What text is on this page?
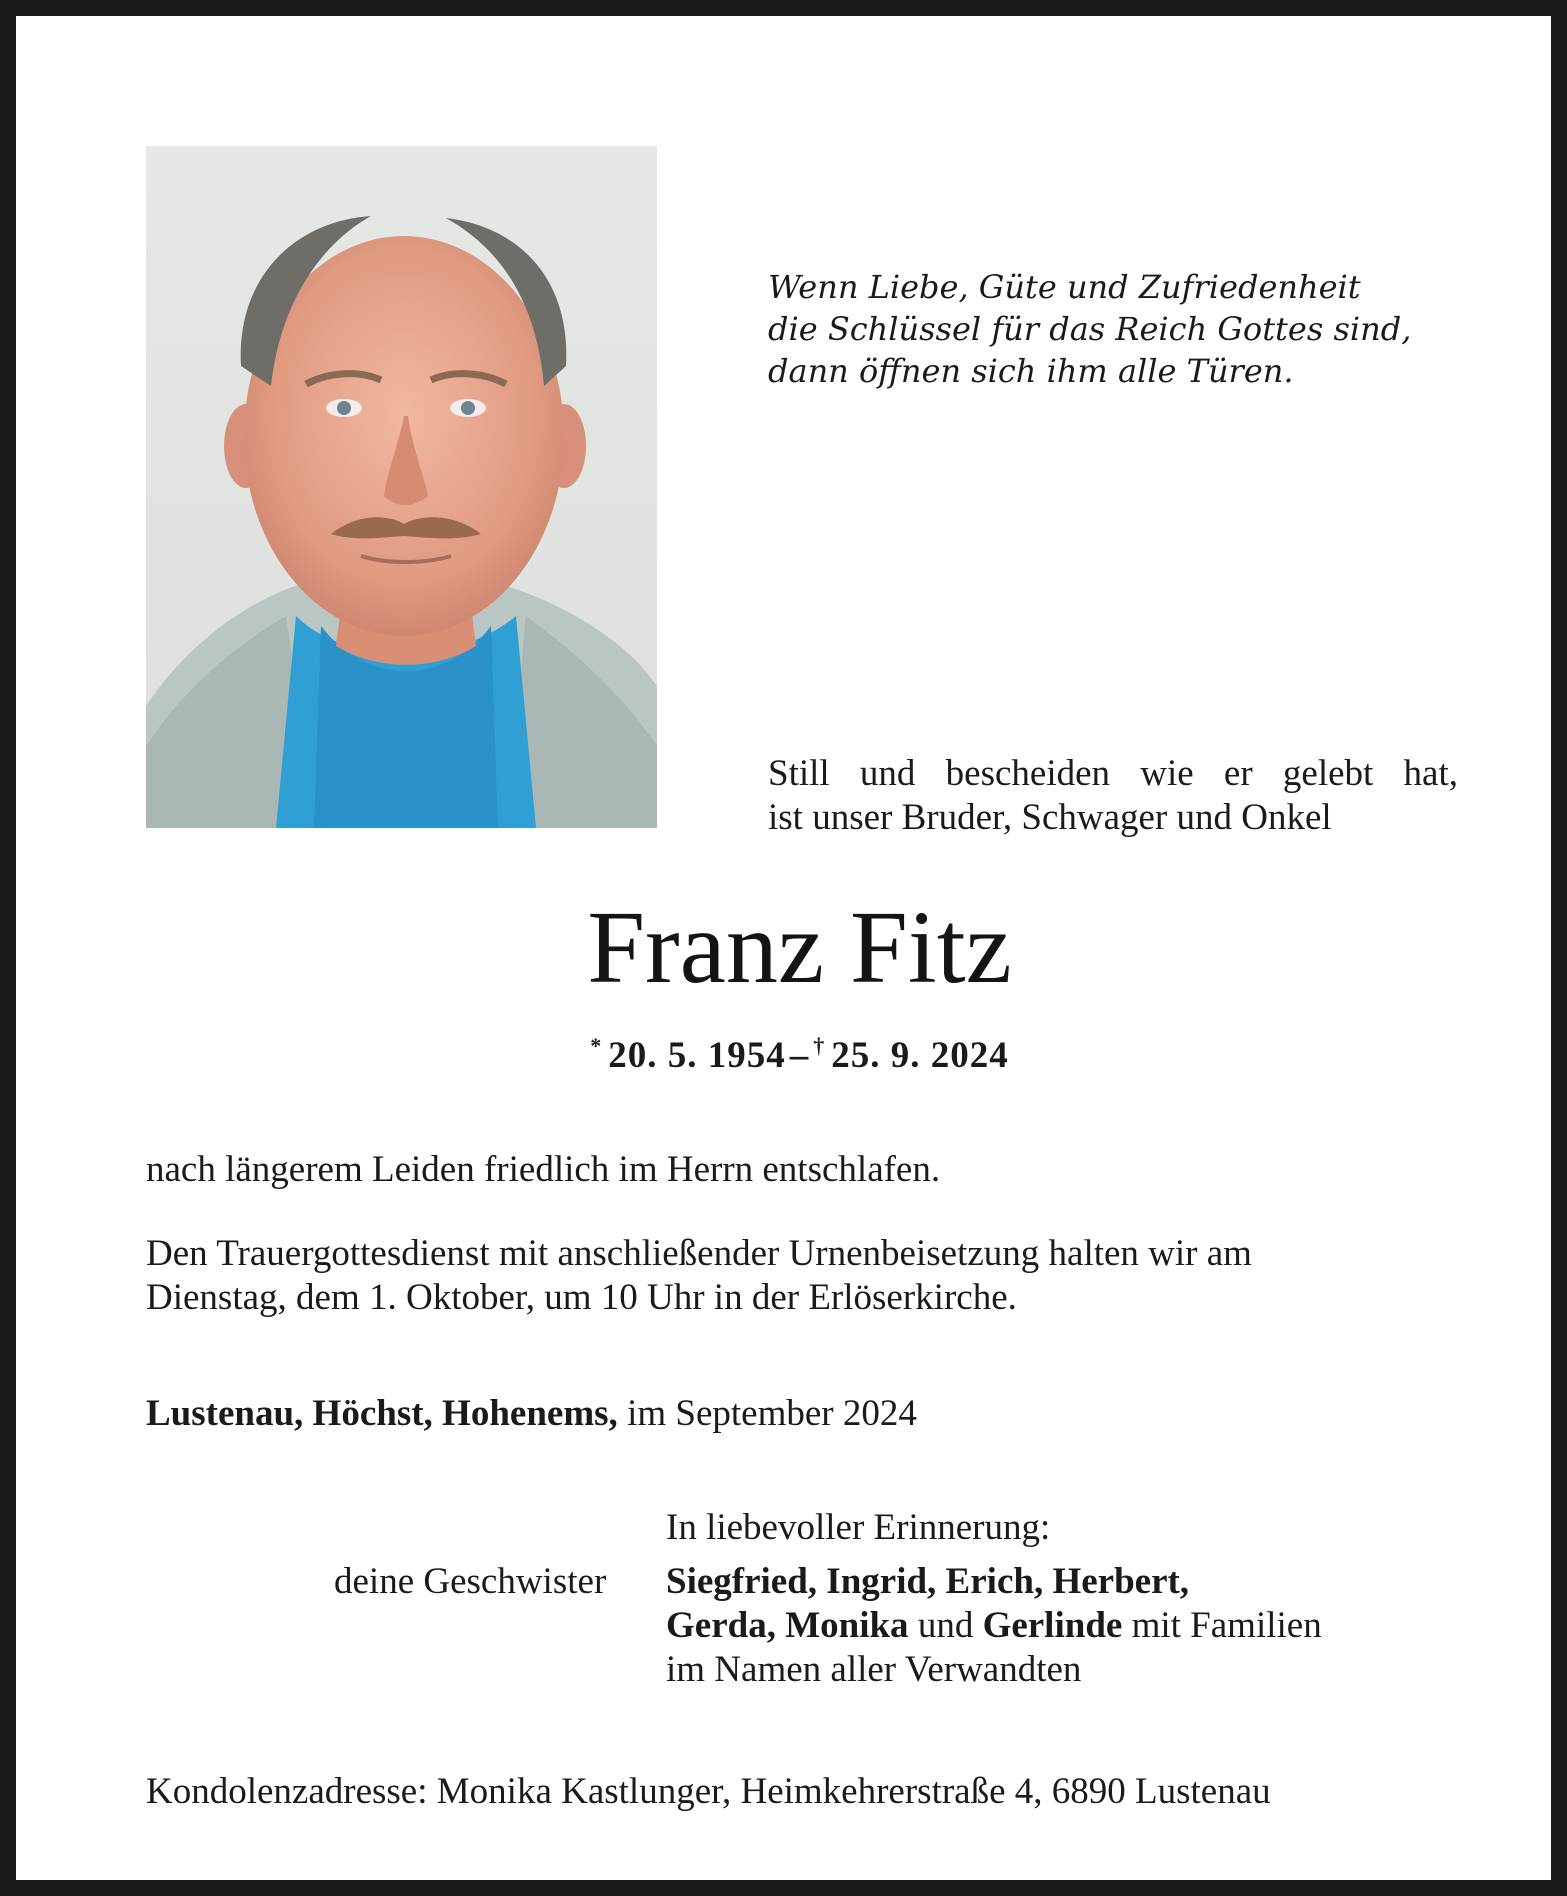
Wenn Liebe, Güte und Zufriedenheit
die Schlüssel für das Reich Gottes sind,
dann öffnen sich ihm alle Türen.
Still und bescheiden wie er gelebt hat,
ist unser Bruder, Schwager und Onkel
Franz Fitz
* 20. 5. 1954 – † 25. 9. 2024
nach längerem Leiden friedlich im Herrn entschlafen.
Den Trauergottesdienst mit anschließender Urnenbeisetzung halten wir am
Dienstag, dem 1. Oktober, um 10 Uhr in der Erlöserkirche.
Lustenau, Höchst, Hohenems, im September 2024
In liebevoller Erinnerung:
deine Geschwister	Siegfried, Ingrid, Erich, Herbert,
Gerda, Monika und Gerlinde mit Familien
im Namen aller Verwandten
Kondolenzadresse: Monika Kastlunger, Heimkehrerstraße 4, 6890 Lustenau
